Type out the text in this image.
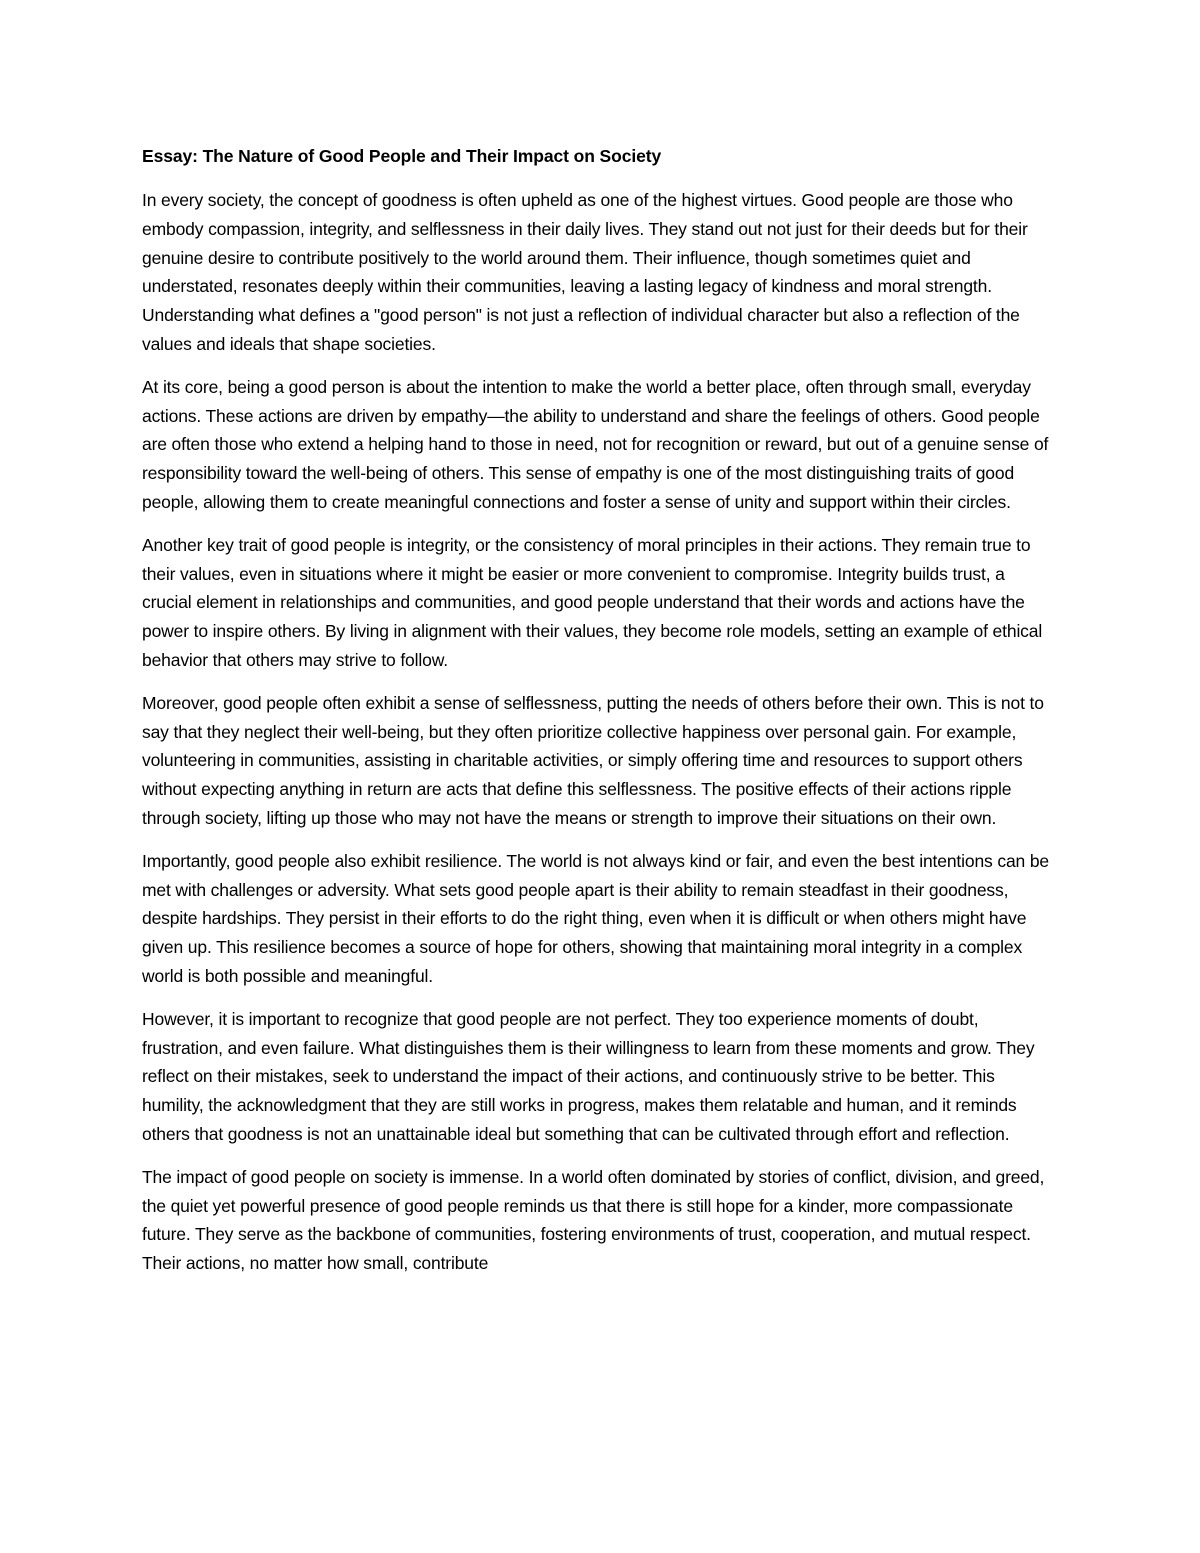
Essay: The Nature of Good People and Their Impact on Society

In every society, the concept of goodness is often upheld as one of the highest virtues. Good people are those who embody compassion, integrity, and selflessness in their daily lives. They stand out not just for their deeds but for their genuine desire to contribute positively to the world around them. Their influence, though sometimes quiet and understated, resonates deeply within their communities, leaving a lasting legacy of kindness and moral strength. Understanding what defines a "good person" is not just a reflection of individual character but also a reflection of the values and ideals that shape societies.

At its core, being a good person is about the intention to make the world a better place, often through small, everyday actions. These actions are driven by empathy—the ability to understand and share the feelings of others. Good people are often those who extend a helping hand to those in need, not for recognition or reward, but out of a genuine sense of responsibility toward the well-being of others. This sense of empathy is one of the most distinguishing traits of good people, allowing them to create meaningful connections and foster a sense of unity and support within their circles.

Another key trait of good people is integrity, or the consistency of moral principles in their actions. They remain true to their values, even in situations where it might be easier or more convenient to compromise. Integrity builds trust, a crucial element in relationships and communities, and good people understand that their words and actions have the power to inspire others. By living in alignment with their values, they become role models, setting an example of ethical behavior that others may strive to follow.

Moreover, good people often exhibit a sense of selflessness, putting the needs of others before their own. This is not to say that they neglect their well-being, but they often prioritize collective happiness over personal gain. For example, volunteering in communities, assisting in charitable activities, or simply offering time and resources to support others without expecting anything in return are acts that define this selflessness. The positive effects of their actions ripple through society, lifting up those who may not have the means or strength to improve their situations on their own.

Importantly, good people also exhibit resilience. The world is not always kind or fair, and even the best intentions can be met with challenges or adversity. What sets good people apart is their ability to remain steadfast in their goodness, despite hardships. They persist in their efforts to do the right thing, even when it is difficult or when others might have given up. This resilience becomes a source of hope for others, showing that maintaining moral integrity in a complex world is both possible and meaningful.

However, it is important to recognize that good people are not perfect. They too experience moments of doubt, frustration, and even failure. What distinguishes them is their willingness to learn from these moments and grow. They reflect on their mistakes, seek to understand the impact of their actions, and continuously strive to be better. This humility, the acknowledgment that they are still works in progress, makes them relatable and human, and it reminds others that goodness is not an unattainable ideal but something that can be cultivated through effort and reflection.

The impact of good people on society is immense. In a world often dominated by stories of conflict, division, and greed, the quiet yet powerful presence of good people reminds us that there is still hope for a kinder, more compassionate future. They serve as the backbone of communities, fostering environments of trust, cooperation, and mutual respect. Their actions, no matter how small, contribute
